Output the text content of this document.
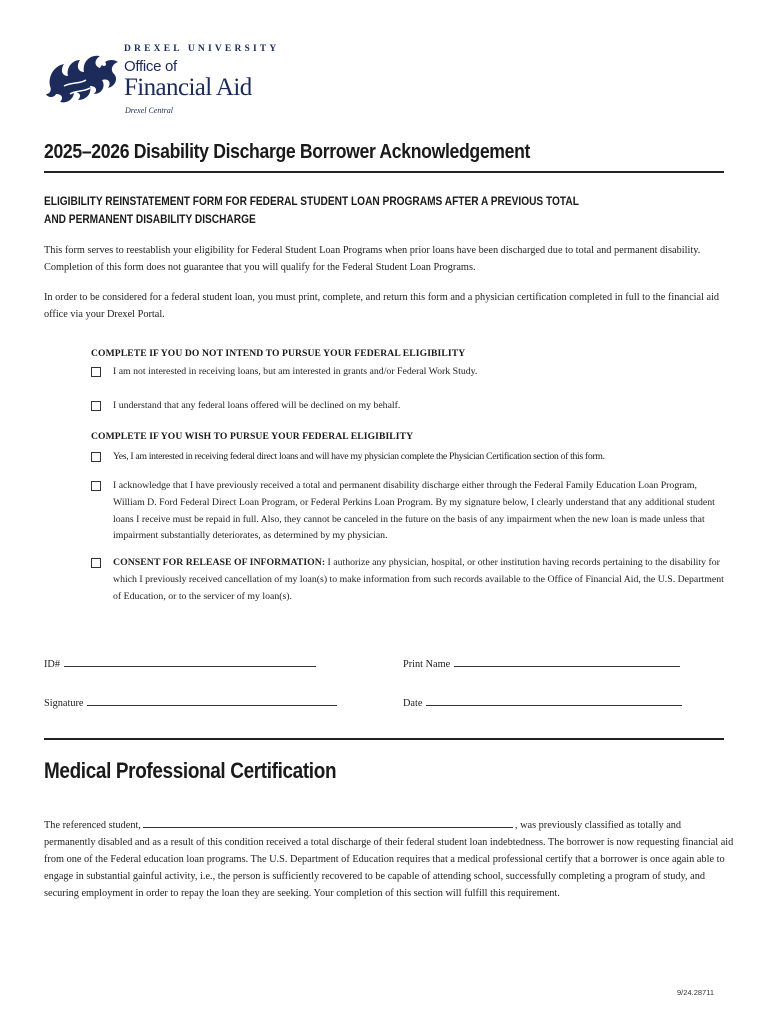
DREXEL UNIVERSITY
Office of
Financial Aid
Drexel Central
2025–2026 Disability Discharge Borrower Acknowledgement
ELIGIBILITY REINSTATEMENT FORM FOR FEDERAL STUDENT LOAN PROGRAMS AFTER A PREVIOUS TOTAL
AND PERMANENT DISABILITY DISCHARGE
This form serves to reestablish your eligibility for Federal Student Loan Programs when prior loans have been discharged due to total and permanent disability. Completion of this form does not guarantee that you will qualify for the Federal Student Loan Programs.
In order to be considered for a federal student loan, you must print, complete, and return this form and a physician certification completed in full to the financial aid office via your Drexel Portal.
COMPLETE IF YOU DO NOT INTEND TO PURSUE YOUR FEDERAL ELIGIBILITY
I am not interested in receiving loans, but am interested in grants and/or Federal Work Study.
I understand that any federal loans offered will be declined on my behalf.
COMPLETE IF YOU WISH TO PURSUE YOUR FEDERAL ELIGIBILITY
Yes, I am interested in receiving federal direct loans and will have my physician complete the Physician Certification section of this form.
I acknowledge that I have previously received a total and permanent disability discharge either through the Federal Family Education Loan Program, William D. Ford Federal Direct Loan Program, or Federal Perkins Loan Program. By my signature below, I clearly understand that any additional student loans I receive must be repaid in full. Also, they cannot be canceled in the future on the basis of any impairment when the new loan is made unless that impairment substantially deteriorates, as determined by my physician.
CONSENT FOR RELEASE OF INFORMATION: I authorize any physician, hospital, or other institution having records pertaining to the disability for which I previously received cancellation of my loan(s) to make information from such records available to the Office of Financial Aid, the U.S. Department of Education, or to the servicer of my loan(s).
ID#	Print Name
Signature	Date
Medical Professional Certification
The referenced student,	, was previously classified as totally and permanently disabled and as a result of this condition received a total discharge of their federal student loan indebtedness. The borrower is now requesting financial aid from one of the Federal education loan programs. The U.S. Department of Education requires that a medical professional certify that a borrower is once again able to engage in substantial gainful activity, i.e., the person is sufficiently recovered to be capable of attending school, successfully completing a program of study, and securing employment in order to repay the loan they are seeking. Your completion of this section will fulfill this requirement.
9/24.28711
